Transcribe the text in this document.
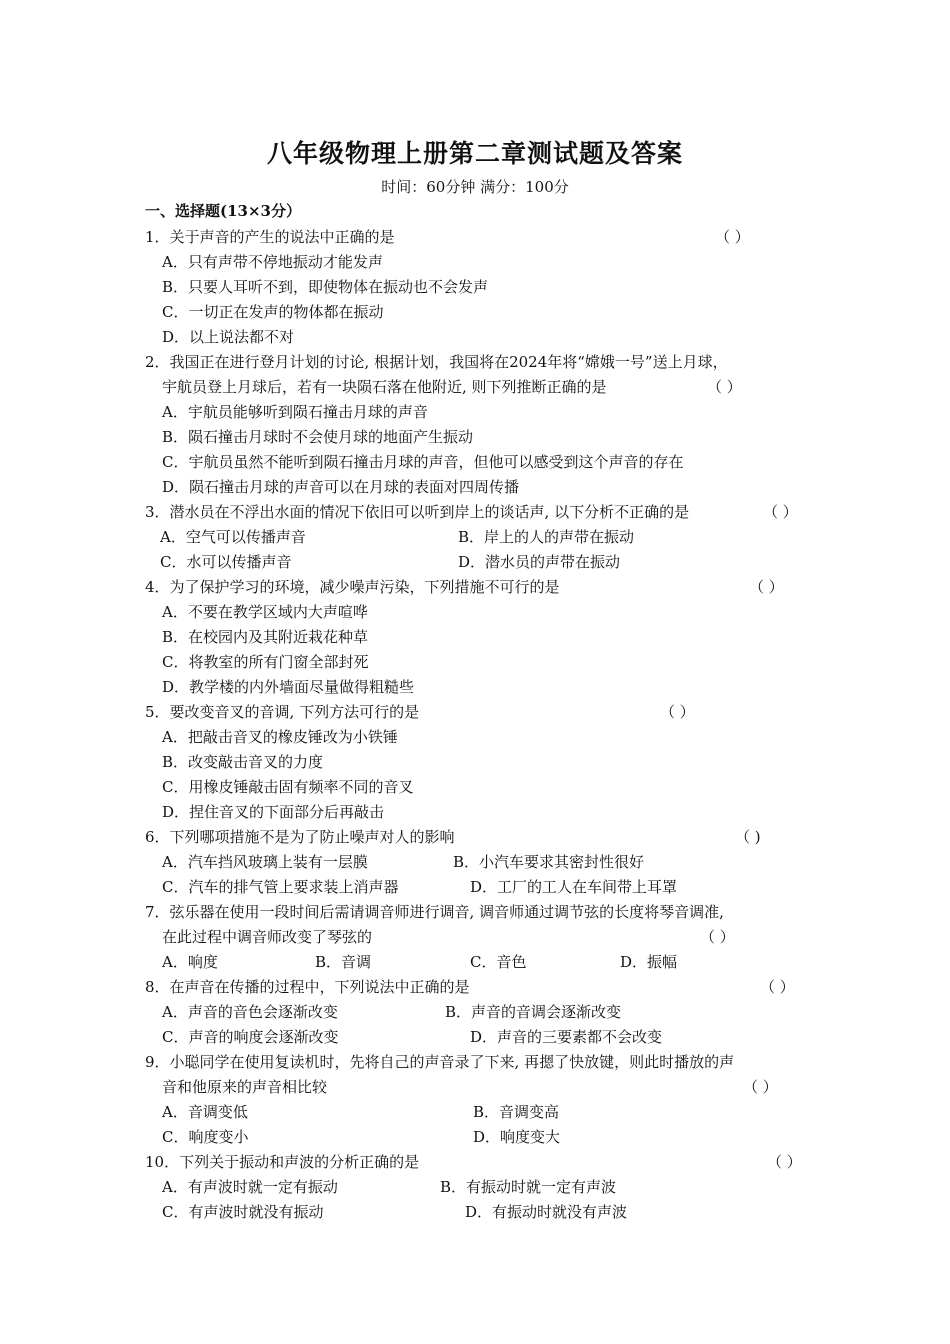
八年级物理上册第二章测试题及答案
时间：60分钟 满分：100分
一、选择题(13×3分）
1．关于声音的产生的说法中正确的是	（ ）
A．只有声带不停地振动才能发声
B．只要人耳听不到，即使物体在振动也不会发声
C．一切正在发声的物体都在振动
D．以上说法都不对
2．我国正在进行登月计划的讨论, 根据计划，我国将在2024年将“嫦娥一号”送上月球，
宇航员登上月球后，若有一块陨石落在他附近, 则下列推断正确的是	（ ）
A．宇航员能够听到陨石撞击月球的声音
B．陨石撞击月球时不会使月球的地面产生振动
C．宇航员虽然不能听到陨石撞击月球的声音，但他可以感受到这个声音的存在
D．陨石撞击月球的声音可以在月球的表面对四周传播
3．潜水员在不浮出水面的情况下依旧可以听到岸上的谈话声, 以下分析不正确的是	（ ）
A．空气可以传播声音	B．岸上的人的声带在振动
C．水可以传播声音	D．潜水员的声带在振动
4．为了保护学习的环境，减少噪声污染，下列措施不可行的是	（ ）
A．不要在教学区域内大声喧哗
B．在校园内及其附近栽花种草
C．将教室的所有门窗全部封死
D．教学楼的内外墙面尽量做得粗糙些
5．要改变音叉的音调, 下列方法可行的是	（ ）
A．把敲击音叉的橡皮锤改为小铁锤
B．改变敲击音叉的力度
C．用橡皮锤敲击固有频率不同的音叉
D．捏住音叉的下面部分后再敲击
6．下列哪项措施不是为了防止噪声对人的影响	（ )
A．汽车挡风玻璃上装有一层膜	B．小汽车要求其密封性很好
C．汽车的排气管上要求装上消声器	D．工厂的工人在车间带上耳罩
7．弦乐器在使用一段时间后需请调音师进行调音, 调音师通过调节弦的长度将琴音调准,
在此过程中调音师改变了琴弦的	（ ）
A．响度	B．音调	C．音色	D．振幅
8．在声音在传播的过程中，下列说法中正确的是	（ ）
A．声音的音色会逐渐改变	B．声音的音调会逐渐改变
C．声音的响度会逐渐改变	D．声音的三要素都不会改变
9．小聪同学在使用复读机时，先将自己的声音录了下来, 再摁了快放键，则此时播放的声
音和他原来的声音相比较	（ ）
A．音调变低	B．音调变高
C．响度变小	D．响度变大
10．下列关于振动和声波的分析正确的是	（ ）
A．有声波时就一定有振动	B．有振动时就一定有声波
C．有声波时就没有振动	D．有振动时就没有声波
